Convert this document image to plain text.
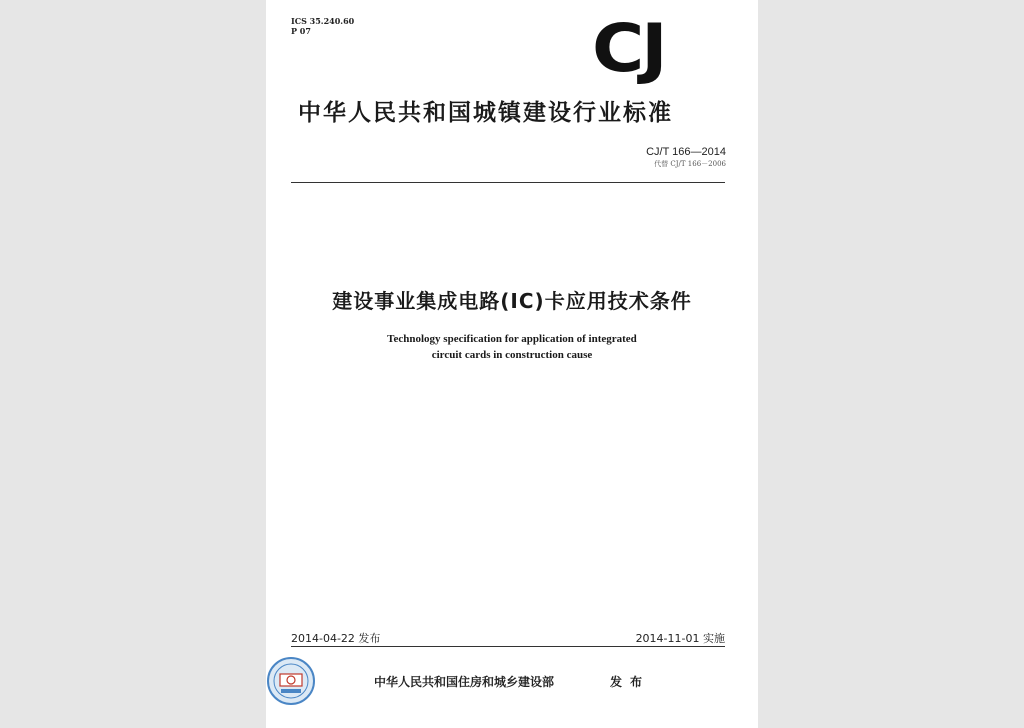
ICS 35.240.60
P 07	CJ
中华人民共和国城镇建设行业标准
CJ/T 166—2014
代替 CJ/T 166－2006
建设事业集成电路(IC)卡应用技术条件
Technology specification for application of integrated
circuit cards in construction cause
2014-04-22 发布	2014-11-01 实施
中华人民共和国住房和城乡建设部	发布
